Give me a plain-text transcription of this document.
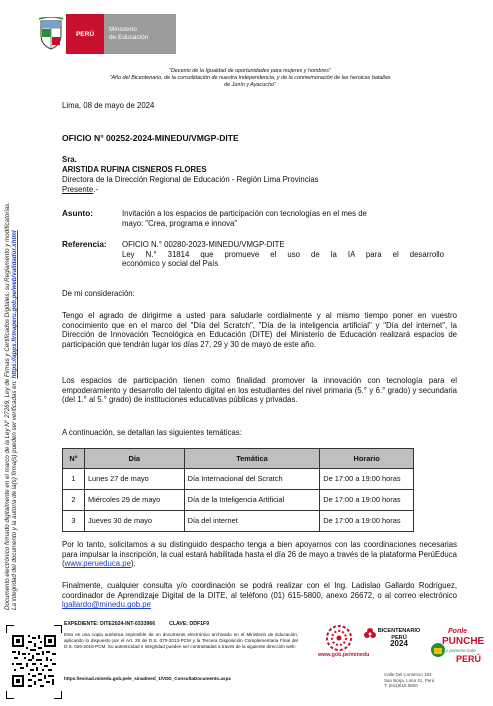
PERÚ
Ministerio
de Educación
"Decenio de la Igualdad de oportunidades para mujeres y hombres"
"Año del Bicentenario, de la consolidación de nuestra Independencia, y de la conmemoración de las heroicas batallas
de Junín y Ayacucho"
Lima, 08 de mayo de 2024
OFICIO N° 00252-2024-MINEDU/VMGP-DITE
Sra.
ARISTIDA RUFINA CISNEROS FLORES
Directora de la Dirección Regional de Educación - Región Lima Provincias
Presente.-
Asunto:	Invitación a los espacios de participación con tecnologías en el mes de
mayo: "Crea, programa e innova"
Referencia: OFICIO N.° 00280-2023-MINEDU/VMGP-DITE
Ley N.° 31814 que promueve el uso de la IA para el desarrollo
económico y social del País
De mi consideración:
Tengo el agrado de dirigirme a usted para saludarle cordialmente y al mismo tiempo poner en vuestro conocimiento que en el marco del "Día del Scratch", "Día de la inteligencia artificial" y "Día del internet", la Dirección de Innovación Tecnológica en Educación (DITE) del Ministerio de Educación realizará espacios de participación que tendrán lugar los días 27, 29 y 30 de mayo de este año.
Los espacios de participación tienen como finalidad promover la innovación con tecnología para el empoderamiento y desarrollo del talento digital en los estudiantes del nivel primaria (5.° y 6.° grado) y secundaria (del 1.° al 5.° grado) de instituciones educativas públicas y privadas.
A continuación, se detallan las siguientes temáticas:
N°	Día	Temática	Horario
1	Lunes 27 de mayo	Día Internacional del Scratch	De 17:00 a 19:00 horas
2	Miércoles 29 de mayo	Día de la Inteligencia Artificial	De 17:00 a 19:00 horas
3	Jueves 30 de mayo	Día del internet	De 17:00 a 19:00 horas
Por lo tanto, solicitamos a su distinguido despacho tenga a bien apoyarnos con las coordinaciones necesarias para impulsar la inscripción, la cual estará habilitada hasta el día 26 de mayo a través de la plataforma PerúEduca (www.perueduca.pe).
Finalmente, cualquier consulta y/o coordinación se podrá realizar con el Ing. Ladislao Gallardo Rodríguez, coordinador de Aprendizaje Digital de la DITE, al teléfono (01) 615-5800, anexo 26672, o al correo electrónico lgallardo@minedu.gob.pe
Documento electrónico firmado digitalmente en el marco de la Ley N° 27269, Ley de Firmas y Certificados Digitales, su Reglamento y modificatorias. La integridad del documento y la autoría de la(s) firma(s) pueden ser verificadas en: https://apps.firmaperu.gob.pe/web/validador.xhtml
EXPEDIENTE: DITE2024-INT-0333966	CLAVE: DDF1F9
Esto es una copia auténtica imprimible de un documento electrónico archivado en el Ministerio de Educación, aplicando lo dispuesto por el Art. 25 de D.S. 070-2013-PCM y la Tercera Disposición Complementaria Final del D.S. 026-2016-PCM. Su autenticidad e integridad pueden ser contrastadas a través de la siguiente dirección web:
https://esinad.minedu.gob.pe/e_sinadmed_1/VDD_ConsultaDocumento.aspx
www.gob.pe/minedu
BICENTENARIO
PERÚ
2024
Calle Del Comercio 193
San Borja, Lima 41, Perú
T: (511)615 5800
Ponle
PUNCHE
y ponerse todo
PERÚ
